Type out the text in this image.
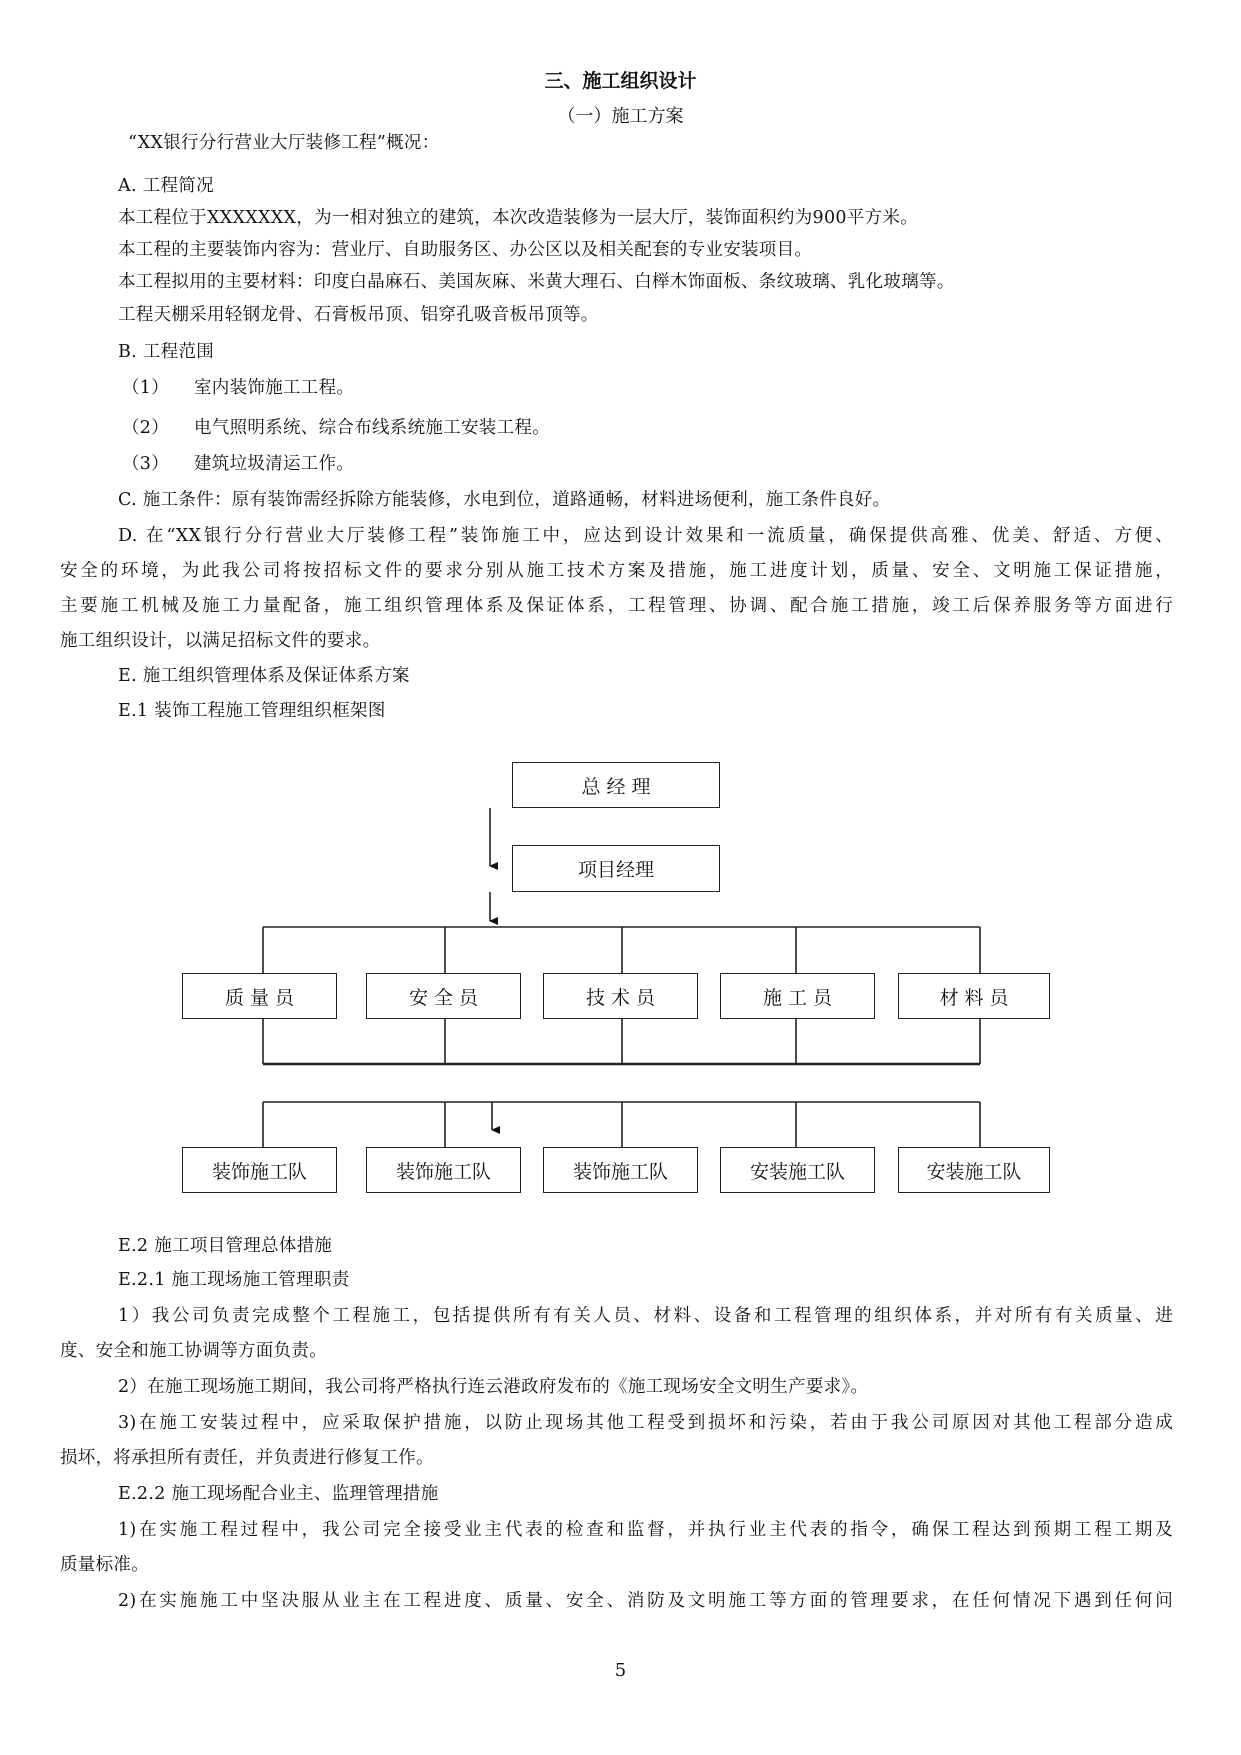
三、施工组织设计
（一）施工方案
“XX银行分行营业大厅装修工程”概况：
A. 工程简况
本工程位于XXXXXXX，为一相对独立的建筑，本次改造装修为一层大厅，装饰面积约为900平方米。
本工程的主要装饰内容为：营业厅、自助服务区、办公区以及相关配套的专业安装项目。
本工程拟用的主要材料：印度白晶麻石、美国灰麻、米黄大理石、白榉木饰面板、条纹玻璃、乳化玻璃等。
工程天棚采用轻钢龙骨、石膏板吊顶、铝穿孔吸音板吊顶等。
B. 工程范围
（1） 室内装饰施工工程。
（2） 电气照明系统、综合布线系统施工安装工程。
（3） 建筑垃圾清运工作。
C. 施工条件：原有装饰需经拆除方能装修，水电到位，道路通畅，材料进场便利，施工条件良好。
D. 在“XX银行分行营业大厅装修工程”装饰施工中，应达到设计效果和一流质量，确保提供高雅、优美、舒适、方便、
安全的环境，为此我公司将按招标文件的要求分别从施工技术方案及措施，施工进度计划，质量、安全、文明施工保证措施，
主要施工机械及施工力量配备，施工组织管理体系及保证体系，工程管理、协调、配合施工措施，竣工后保养服务等方面进行
施工组织设计，以满足招标文件的要求。
E. 施工组织管理体系及保证体系方案
E.1 装饰工程施工管理组织框架图
总 经 理
项目经理
质 量 员	安 全 员	技 术 员	施 工 员	材 料 员
装饰施工队	装饰施工队	装饰施工队	安装施工队	安装施工队
E.2 施工项目管理总体措施
E.2.1 施工现场施工管理职责
1）我公司负责完成整个工程施工，包括提供所有有关人员、材料、设备和工程管理的组织体系，并对所有有关质量、进
度、安全和施工协调等方面负责。
2）在施工现场施工期间，我公司将严格执行连云港政府发布的《施工现场安全文明生产要求》。
3)在施工安装过程中，应采取保护措施，以防止现场其他工程受到损坏和污染，若由于我公司原因对其他工程部分造成
损坏，将承担所有责任，并负责进行修复工作。
E.2.2 施工现场配合业主、监理管理措施
1)在实施工程过程中，我公司完全接受业主代表的检查和监督，并执行业主代表的指令，确保工程达到预期工程工期及
质量标准。
2)在实施施工中坚决服从业主在工程进度、质量、安全、消防及文明施工等方面的管理要求，在任何情况下遇到任何问
5
